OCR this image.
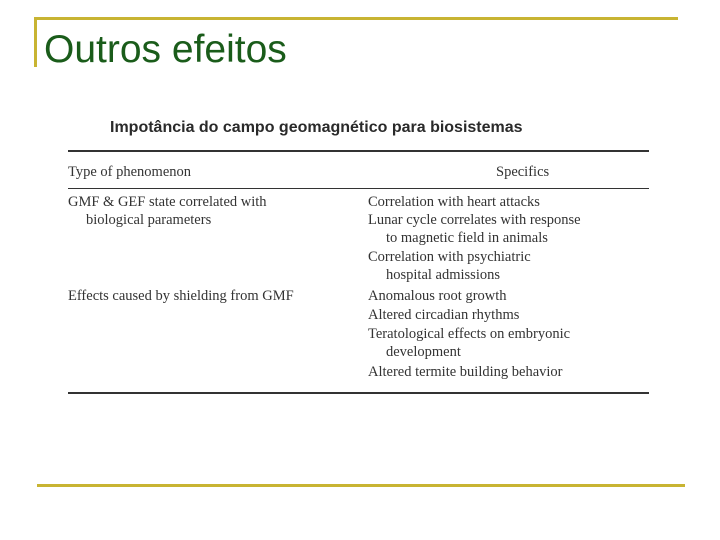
Outros efeitos
Impotância do campo geomagnético para biosistemas
Type of phenomenon	Specifics
GMF & GEF state correlated with
biological parameters
Correlation with heart attacks
Lunar cycle correlates with response
to magnetic field in animals
Correlation with psychiatric
hospital admissions
Effects caused by shielding from GMF	Anomalous root growth
Altered circadian rhythms
Teratological effects on embryonic
development
Altered termite building behavior
